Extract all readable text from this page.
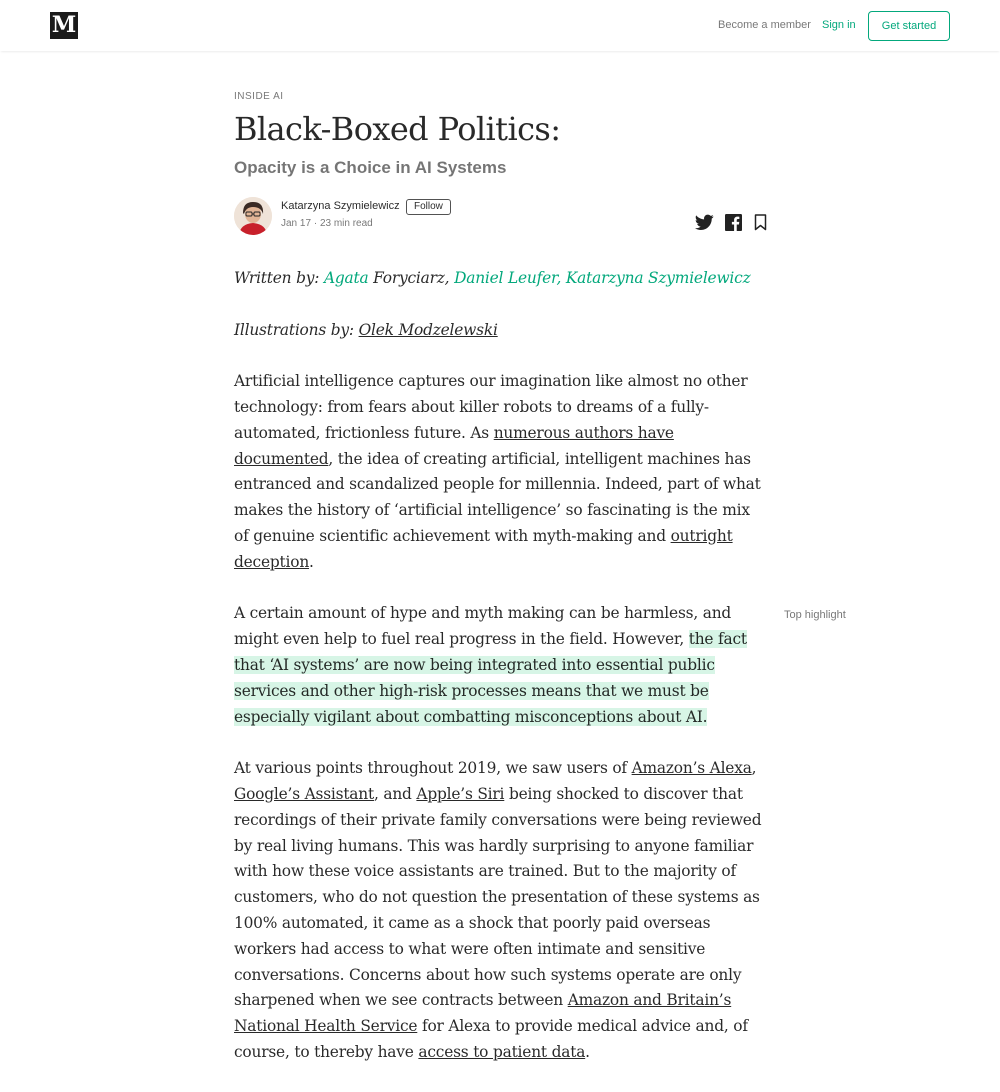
M	Become a member Sign in	Get started
INSIDE AI
Black-Boxed Politics:
Opacity is a Choice in AI Systems
Katarzyna Szymielewicz	Follow
Jan 17 · 23 min read

Written by: Agata Foryciarz, Daniel Leufer, Katarzyna Szymielewicz

Illustrations by: Olek Modzelewski

Artificial intelligence captures our imagination like almost no other technology: from fears about killer robots to dreams of a fully-automated, frictionless future. As numerous authors have documented, the idea of creating artificial, intelligent machines has entranced and scandalized people for millennia. Indeed, part of what makes the history of ‘artificial intelligence’ so fascinating is the mix of genuine scientific achievement with myth-making and outright deception.

A certain amount of hype and myth making can be harmless, and might even help to fuel real progress in the field. However, the fact that ‘AI systems’ are now being integrated into essential public services and other high-risk processes means that we must be especially vigilant about combatting misconceptions about AI.

At various points throughout 2019, we saw users of Amazon’s Alexa, Google’s Assistant, and Apple’s Siri being shocked to discover that recordings of their private family conversations were being reviewed by real living humans. This was hardly surprising to anyone familiar with how these voice assistants are trained. But to the majority of customers, who do not question the presentation of these systems as 100% automated, it came as a shock that poorly paid overseas workers had access to what were often intimate and sensitive conversations. Concerns about how such systems operate are only sharpened when we see contracts between Amazon and Britain’s National Health Service for Alexa to provide medical advice and, of course, to thereby have access to patient data.

Top highlight
